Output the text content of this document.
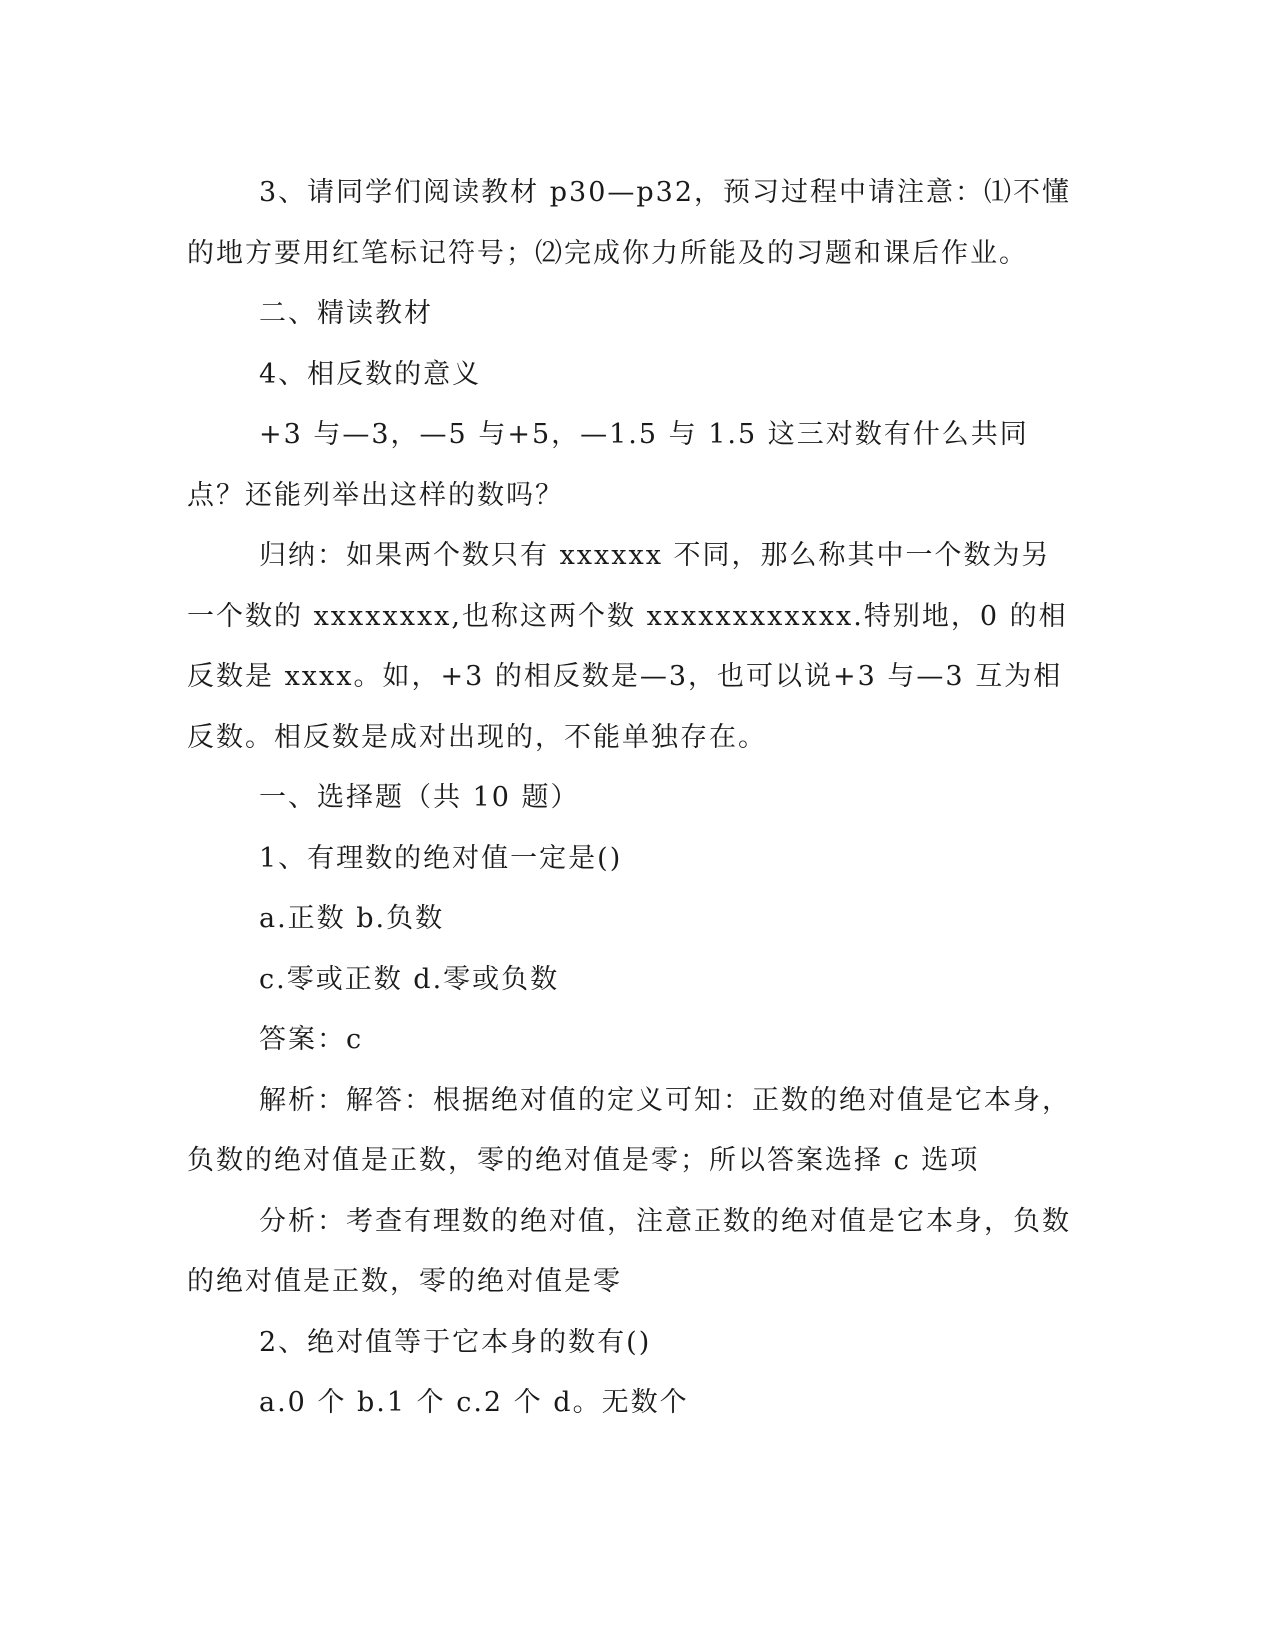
3、请同学们阅读教材 p30—p32，预习过程中请注意：⑴不懂的地方要用红笔标记符号；⑵完成你力所能及的习题和课后作业。

二、精读教材

4、相反数的意义

+3 与—3，—5 与+5，—1.5 与 1.5 这三对数有什么共同点？还能列举出这样的数吗？

归纳：如果两个数只有 xxxxxx 不同，那么称其中一个数为另一个数的 xxxxxxxx,也称这两个数 xxxxxxxxxxxx.特别地，0 的相反数是 xxxx。如，+3 的相反数是—3，也可以说+3 与—3 互为相反数。相反数是成对出现的，不能单独存在。

一、选择题（共 10 题）

1、有理数的绝对值一定是()

a.正数 b.负数

c.零或正数 d.零或负数

答案：c

解析：解答：根据绝对值的定义可知：正数的绝对值是它本身，负数的绝对值是正数，零的绝对值是零；所以答案选择 c 选项

分析：考查有理数的绝对值，注意正数的绝对值是它本身，负数的绝对值是正数，零的绝对值是零

2、绝对值等于它本身的数有()

a.0 个 b.1 个 c.2 个 d。无数个
